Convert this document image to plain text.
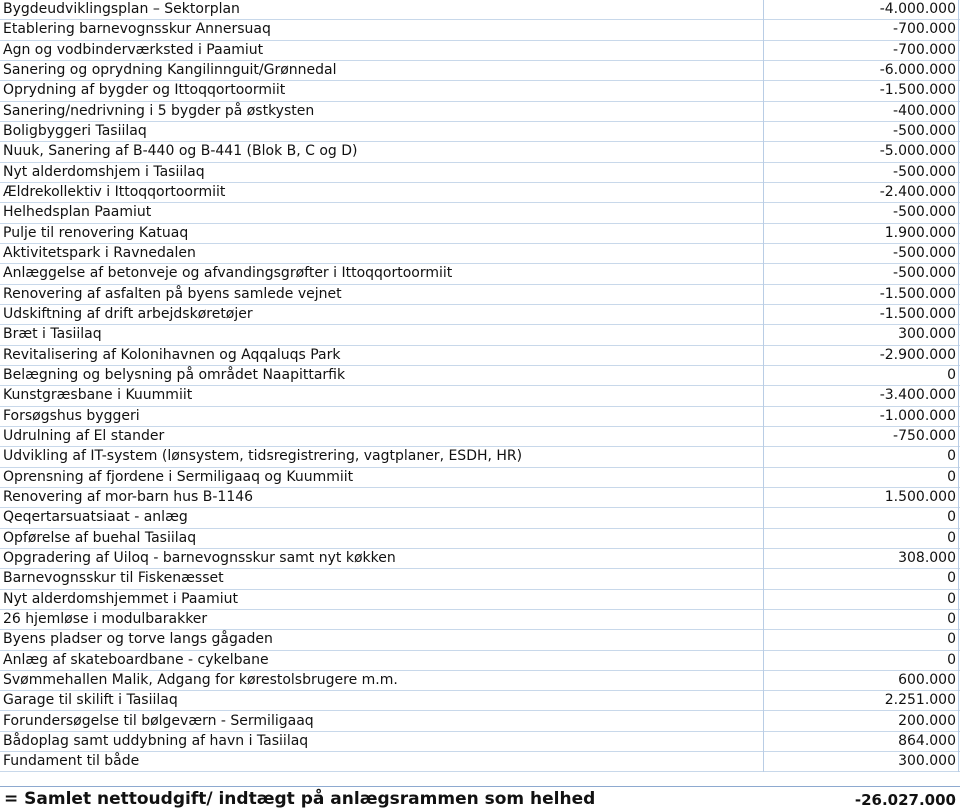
Bygdeudviklingsplan – Sektorplan	-4.000.000
Etablering barnevognsskur Annersuaq	-700.000
Agn og vodbinderværksted i Paamiut	-700.000
Sanering og oprydning Kangilinnguit/Grønnedal	-6.000.000
Oprydning af bygder og Ittoqqortoormiit	-1.500.000
Sanering/nedrivning i 5 bygder på østkysten	-400.000
Boligbyggeri Tasiilaq	-500.000
Nuuk, Sanering af B-440 og B-441 (Blok B, C og D)	-5.000.000
Nyt alderdomshjem i Tasiilaq	-500.000
Ældrekollektiv i Ittoqqortoormiit	-2.400.000
Helhedsplan Paamiut	-500.000
Pulje til renovering Katuaq	1.900.000
Aktivitetspark i Ravnedalen	-500.000
Anlæggelse af betonveje og afvandingsgrøfter i Ittoqqortoormiit	-500.000
Renovering af asfalten på byens samlede vejnet	-1.500.000
Udskiftning af drift arbejdskøretøjer	-1.500.000
Bræt i Tasiilaq	300.000
Revitalisering af Kolonihavnen og Aqqaluqs Park	-2.900.000
Belægning og belysning på området Naapittarfik	0
Kunstgræsbane i Kuummiit	-3.400.000
Forsøgshus byggeri	-1.000.000
Udrulning af El stander	-750.000
Udvikling af IT-system (lønsystem, tidsregistrering, vagtplaner, ESDH, HR)	0
Oprensning af fjordene i Sermiligaaq og Kuummiit	0
Renovering af mor-barn hus B-1146	1.500.000
Qeqertarsuatsiaat - anlæg	0
Opførelse af buehal Tasiilaq	0
Opgradering af Uiloq - barnevognsskur samt nyt køkken	308.000
Barnevognsskur til Fiskenæsset	0
Nyt alderdomshjemmet i Paamiut	0
26 hjemløse i modulbarakker	0
Byens pladser og torve langs gågaden	0
Anlæg af skateboardbane - cykelbane	0
Svømmehallen Malik, Adgang for kørestolsbrugere m.m.	600.000
Garage til skilift i Tasiilaq	2.251.000
Forundersøgelse til bølgeværn - Sermiligaaq	200.000
Bådoplag samt uddybning af havn i Tasiilaq	864.000
Fundament til både	300.000
= Samlet nettoudgift/ indtægt på anlægsrammen som helhed	-26.027.000
